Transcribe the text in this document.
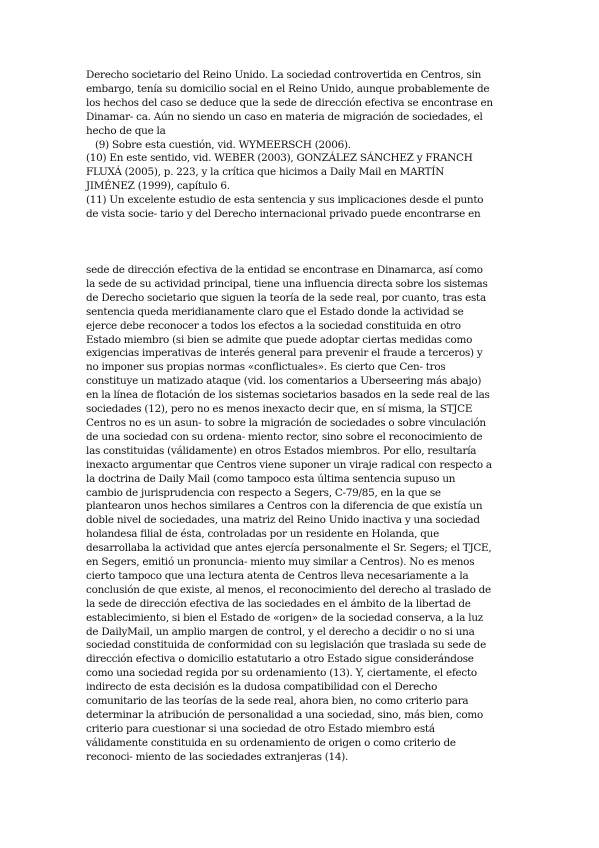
Derecho societario del Reino Unido. La sociedad controvertida en Centros, sin
embargo, tenía su domicilio social en el Reino Unido, aunque probablemente de
los hechos del caso se deduce que la sede de dirección efectiva se encontrase en
Dinamar- ca. Aún no siendo un caso en materia de migración de sociedades, el
hecho de que la
(9) Sobre esta cuestión, vid. WYMEERSCH (2006).
(10) En este sentido, vid. WEBER (2003), GONZÁLEZ SÁNCHEZ y FRANCH
FLUXÁ (2005), p. 223, y la crítica que hicimos a Daily Mail en MARTÍN
JIMÉNEZ (1999), capítulo 6.
(11) Un excelente estudio de esta sentencia y sus implicaciones desde el punto
de vista socie- tario y del Derecho internacional privado puede encontrarse en
sede de dirección efectiva de la entidad se encontrase en Dinamarca, así como
la sede de su actividad principal, tiene una influencia directa sobre los sistemas
de Derecho societario que siguen la teoría de la sede real, por cuanto, tras esta
sentencia queda meridianamente claro que el Estado donde la actividad se
ejerce debe reconocer a todos los efectos a la sociedad constituida en otro
Estado miembro (si bien se admite que puede adoptar ciertas medidas como
exigencias imperativas de interés general para prevenir el fraude a terceros) y
no imponer sus propias normas «conflictuales». Es cierto que Cen- tros
constituye un matizado ataque (vid. los comentarios a Uberseering más abajo)
en la línea de flotación de los sistemas societarios basados en la sede real de las
sociedades (12), pero no es menos inexacto decir que, en sí misma, la STJCE
Centros no es un asun- to sobre la migración de sociedades o sobre vinculación
de una sociedad con su ordena- miento rector, sino sobre el reconocimiento de
las constituidas (válidamente) en otros Estados miembros. Por ello, resultaría
inexacto argumentar que Centros viene suponer un viraje radical con respecto a
la doctrina de Daily Mail (como tampoco esta última sentencia supuso un
cambio de jurisprudencia con respecto a Segers, C-79/85, en la que se
plantearon unos hechos similares a Centros con la diferencia de que existía un
doble nivel de sociedades, una matriz del Reino Unido inactiva y una sociedad
holandesa filial de ésta, controladas por un residente en Holanda, que
desarrollaba la actividad que antes ejercía personalmente el Sr. Segers; el TJCE,
en Segers, emitió un pronuncia- miento muy similar a Centros). No es menos
cierto tampoco que una lectura atenta de Centros lleva necesariamente a la
conclusión de que existe, al menos, el reconocimiento del derecho al traslado de
la sede de dirección efectiva de las sociedades en el ámbito de la libertad de
establecimiento, si bien el Estado de «origen» de la sociedad conserva, a la luz
de DailyMail, un amplio margen de control, y el derecho a decidir o no si una
sociedad constituida de conformidad con su legislación que traslada su sede de
dirección efectiva o domicilio estatutario a otro Estado sigue considerándose
como una sociedad regida por su ordenamiento (13). Y, ciertamente, el efecto
indirecto de esta decisión es la dudosa compatibilidad con el Derecho
comunitario de las teorías de la sede real, ahora bien, no como criterio para
determinar la atribución de personalidad a una sociedad, sino, más bien, como
criterio para cuestionar si una sociedad de otro Estado miembro está
válidamente constituida en su ordenamiento de origen o como criterio de
reconoci- miento de las sociedades extranjeras (14).
